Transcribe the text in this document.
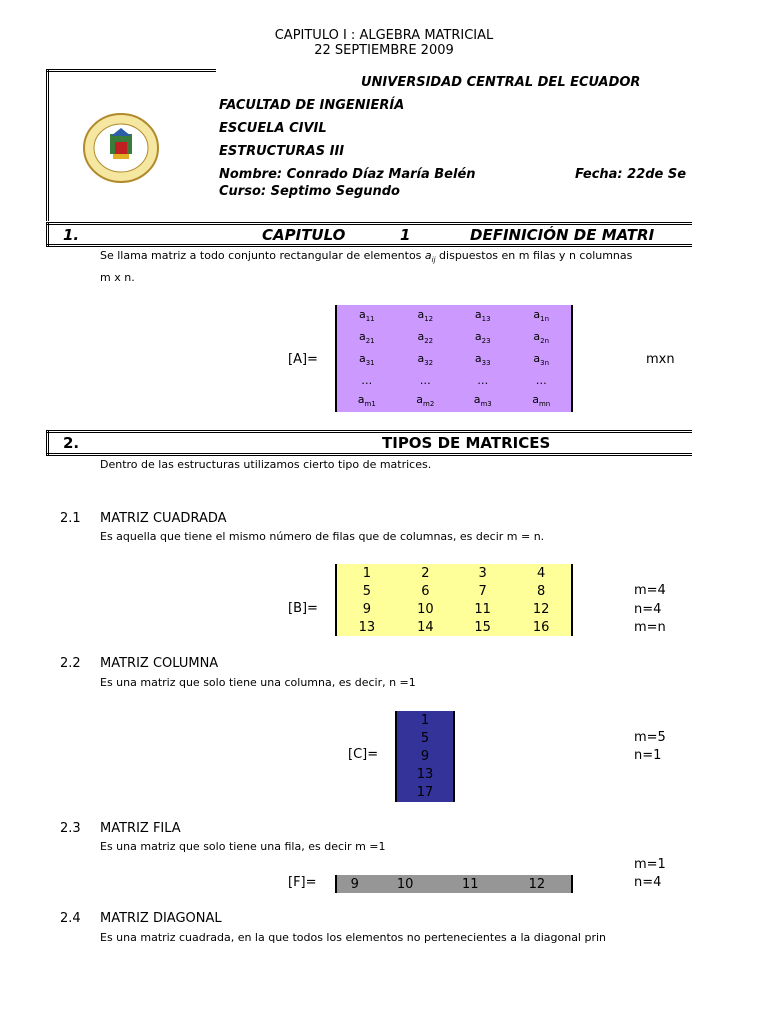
CAPITULO I : ALGEBRA MATRICIAL
22 SEPTIEMBRE 2009
UNIVERSIDAD CENTRAL DEL ECUADOR
FACULTAD DE INGENIERÍA
ESCUELA CIVIL
ESTRUCTURAS III
Nombre: Conrado Díaz María Belén	Fecha: 22de Se
Curso: Septimo Segundo
1.	CAPITULO	1	DEFINICIÓN DE MATRI
Se llama matriz a todo conjunto rectangular de elementos $a_{ij}$ dispuestos en m filas y n columnas
m x n.
[A]=
$a_{11}$	$a_{12}$	$a_{13}$	$a_{1n}$
$a_{21}$	$a_{22}$	$a_{23}$	$a_{2n}$
$a_{31}$	$a_{32}$	$a_{33}$	$a_{3n}$
…	…	…	…
$a_{m1}$	$a_{m2}$	$a_{m3}$	$a_{mn}$
mxn
2.	TIPOS DE MATRICES
Dentro de las estructuras utilizamos cierto tipo de matrices.
2.1 MATRIZ CUADRADA
Es aquella que tiene el mismo número de filas que de columnas, es decir m = n.
[B]=
1	2	3	4
5	6	7	8
9	10	11	12
13	14	15	16
m=4
n=4
m=n
2.2 MATRIZ COLUMNA
Es una matriz que solo tiene una columna, es decir, n =1
[C]=
1
5
9
13
17
m=5
n=1
2.3 MATRIZ FILA
Es una matriz que solo tiene una fila, es decir m =1
m=1
[F]=	9	10	11	12	n=4
2.4 MATRIZ DIAGONAL
Es una matriz cuadrada, en la que todos los elementos no pertenecientes a la diagonal prin
